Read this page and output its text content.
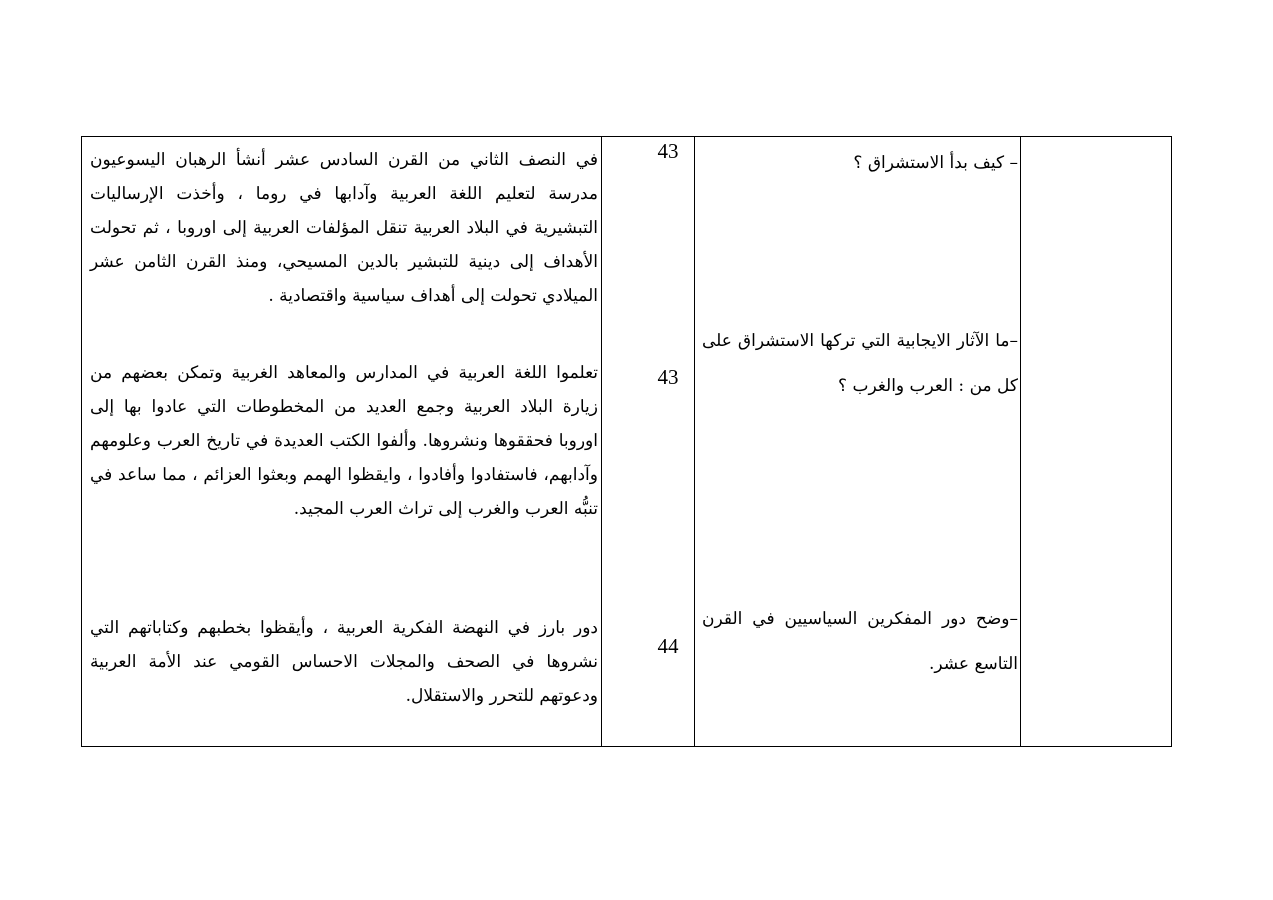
– كيف بدأ الاستشراق ؟
43
في النصف الثاني من القرن السادس عشر أنشأ الرهبان اليسوعيون مدرسة لتعليم اللغة العربية وآدابها في روما ، وأخذت الإرساليات التبشيرية في البلاد العربية تنقل المؤلفات العربية إلى اوروبا ، ثم تحولت الأهداف إلى دينية للتبشير بالدين المسيحي، ومنذ القرن الثامن عشر الميلادي تحولت إلى أهداف سياسية واقتصادية .
–ما الآثار الايجابية التي تركها الاستشراق على كل من : العرب والغرب ؟
43
تعلموا اللغة العربية في المدارس والمعاهد الغربية وتمكن بعضهم من زيارة البلاد العربية وجمع العديد من المخطوطات التي عادوا بها إلى اوروبا فحققوها ونشروها. وألفوا الكتب العديدة في تاريخ العرب وعلومهم وآدابهم، فاستفادوا وأفادوا ، وايقظوا الهمم وبعثوا العزائم ، مما ساعد في تنبُّه العرب والغرب إلى تراث العرب المجيد.
–وضح دور المفكرين السياسيين في القرن التاسع عشر.
44
دور بارز في النهضة الفكرية العربية ، وأيقظوا بخطبهم وكتاباتهم التي نشروها في الصحف والمجلات الاحساس القومي عند الأمة العربية ودعوتهم للتحرر والاستقلال.
